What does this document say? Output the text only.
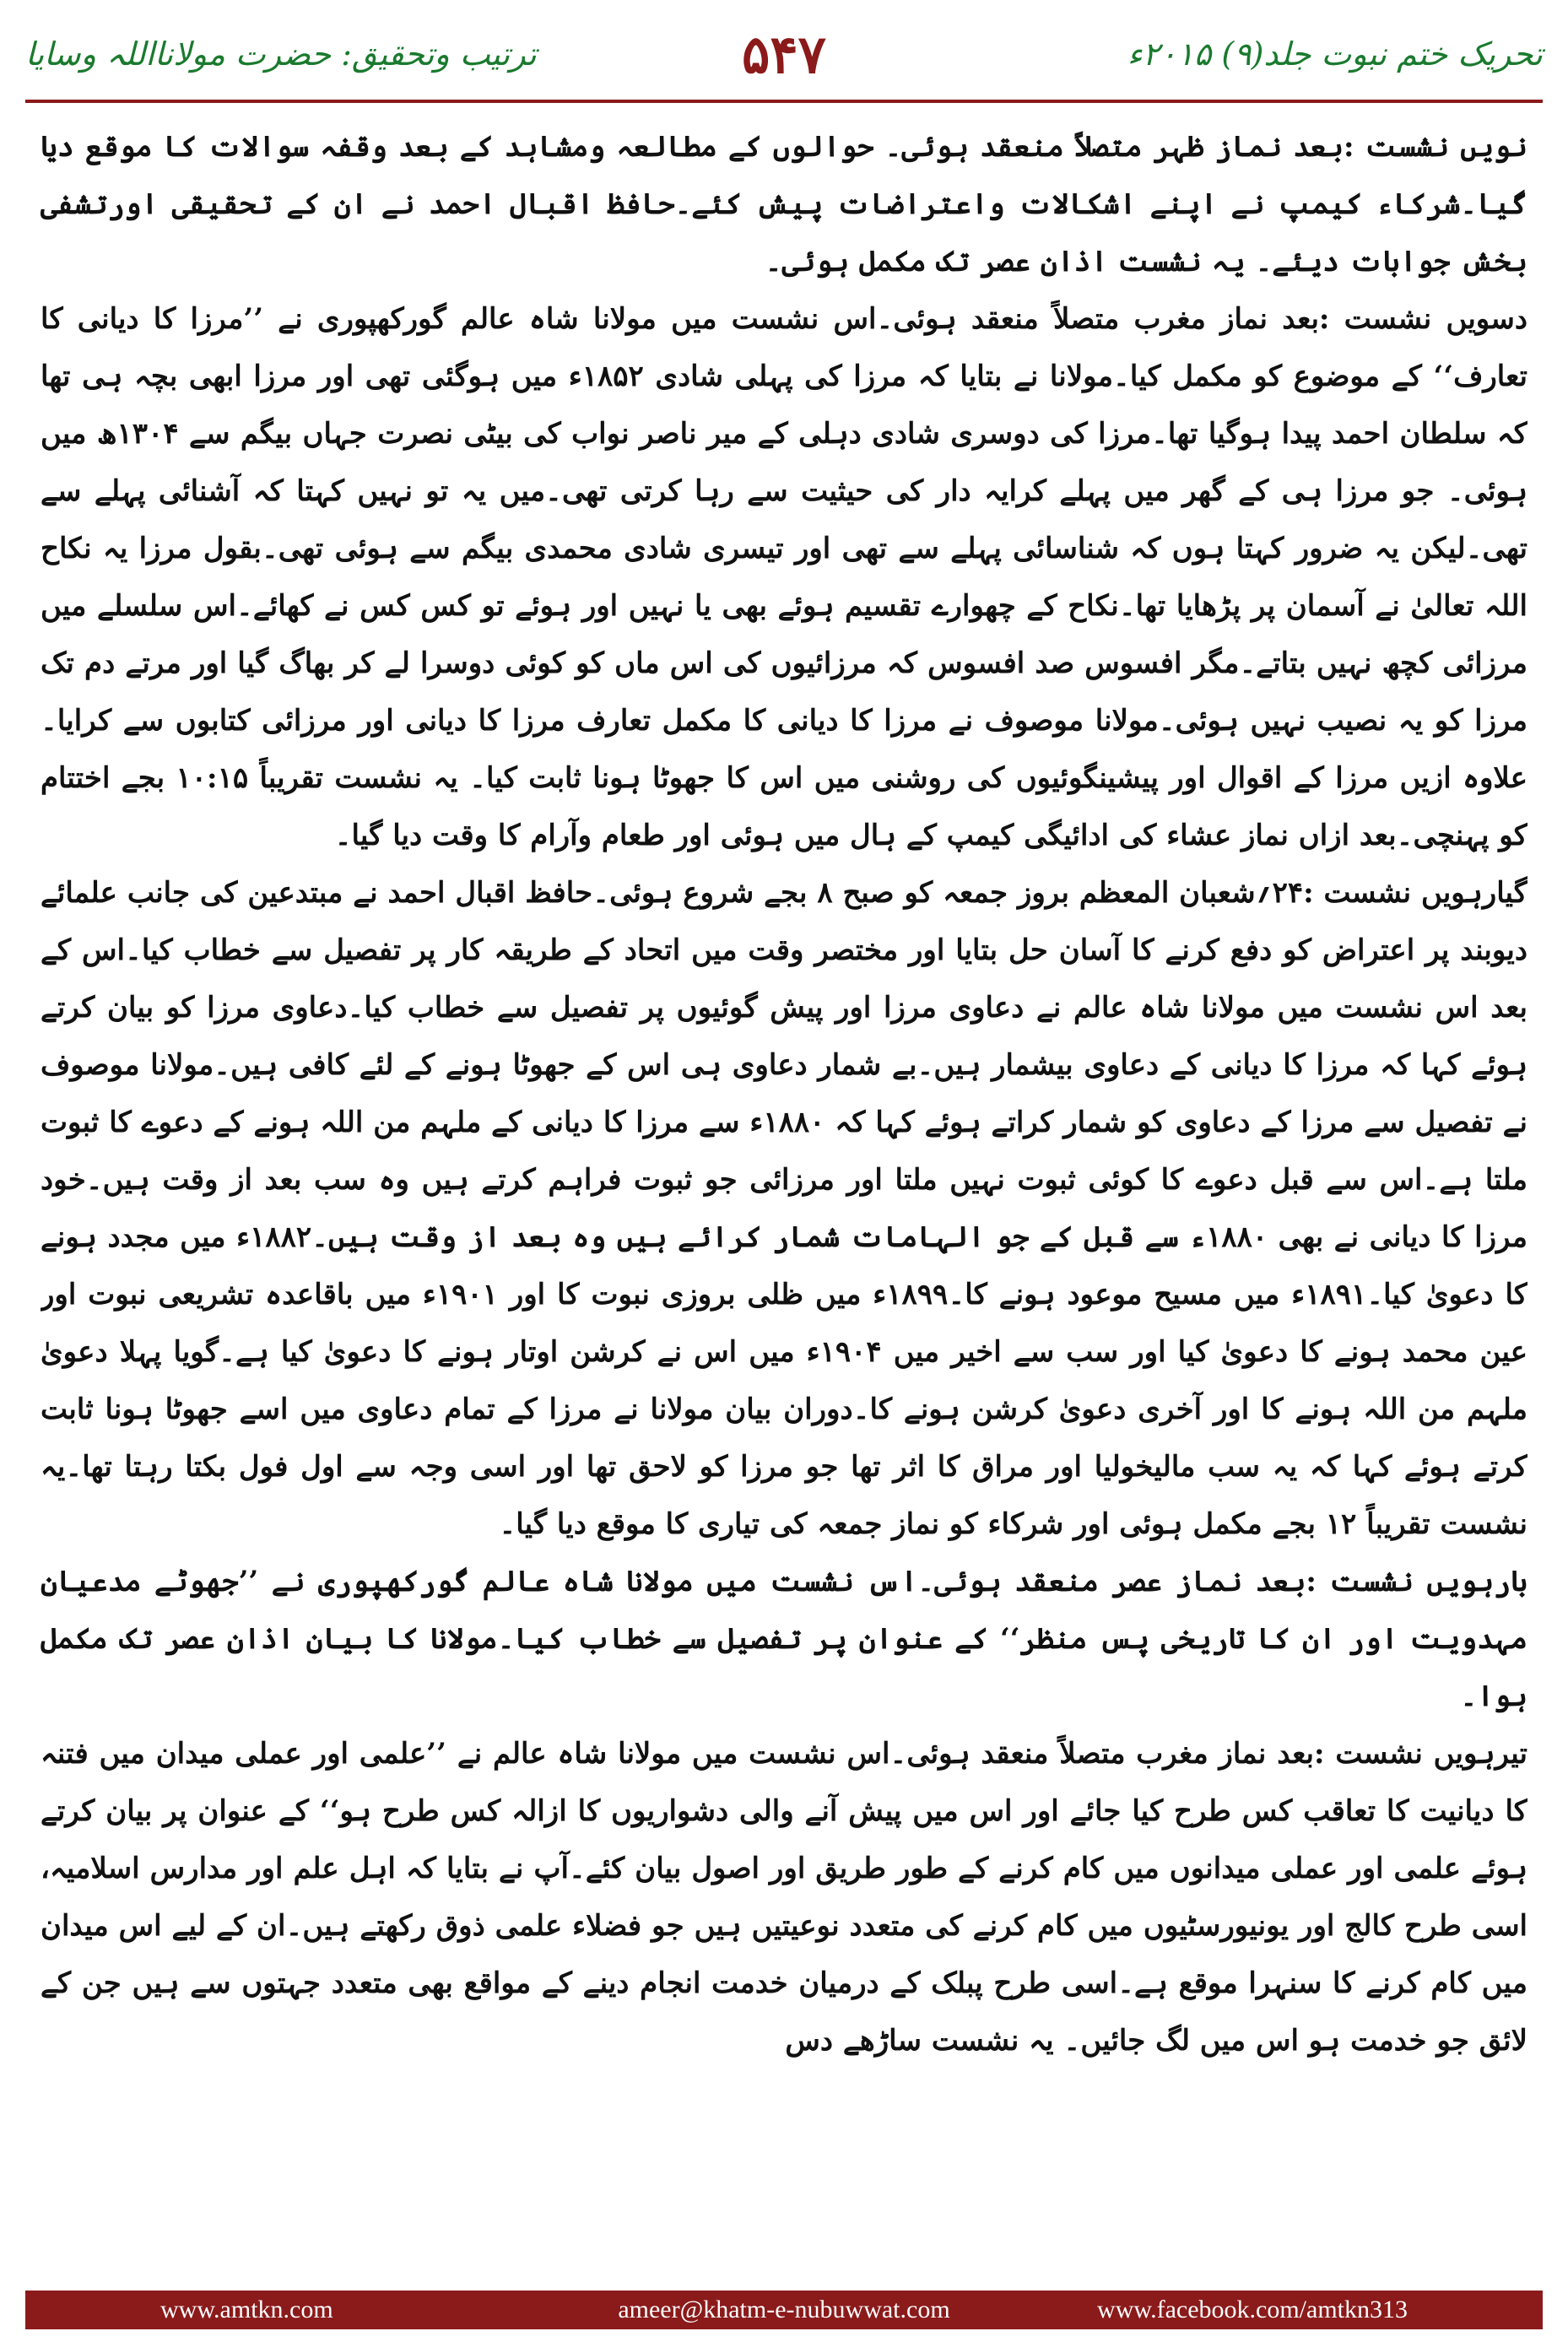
تحریک ختم نبوت جلد(۹) ۲۰۱۵ء
۵۴۷
ترتیب وتحقیق: حضرت مولانااللہ وسایا

نویں نشست :بعد نماز ظہر متصلاً منعقد ہوئی۔ حوالوں کے مطالعہ ومشاہد کے بعد وقفہ سوالات کا موقع دیا گیا۔شرکاء کیمپ نے اپنے اشکالات واعتراضات پیش کئے۔حافظ اقبال احمد نے ان کے تحقیقی اورتشفی بخش جوابات دیئے۔ یہ نشست اذان عصر تک مکمل ہوئی۔

دسویں نشست :بعد نماز مغرب متصلاً منعقد ہوئی۔اس نشست میں مولانا شاہ عالم گورکھپوری نے ’’مرزا کا دیانی کا تعارف‘‘ کے موضوع کو مکمل کیا۔مولانا نے بتایا کہ مرزا کی پہلی شادی ۱۸۵۲ء میں ہوگئی تھی اور مرزا ابھی بچہ ہی تھا کہ سلطان احمد پیدا ہوگیا تھا۔مرزا کی دوسری شادی دہلی کے میر ناصر نواب کی بیٹی نصرت جہاں بیگم سے ۱۳۰۴ھ میں ہوئی۔ جو مرزا ہی کے گھر میں پہلے کرایہ دار کی حیثیت سے رہا کرتی تھی۔میں یہ تو نہیں کہتا کہ آشنائی پہلے سے تھی۔لیکن یہ ضرور کہتا ہوں کہ شناسائی پہلے سے تھی اور تیسری شادی محمدی بیگم سے ہوئی تھی۔بقول مرزا یہ نکاح اللہ تعالیٰ نے آسمان پر پڑھایا تھا۔نکاح کے چھوارے تقسیم ہوئے بھی یا نہیں اور ہوئے تو کس کس نے کھائے۔اس سلسلے میں مرزائی کچھ نہیں بتاتے۔مگر افسوس صد افسوس کہ مرزائیوں کی اس ماں کو کوئی دوسرا لے کر بھاگ گیا اور مرتے دم تک مرزا کو یہ نصیب نہیں ہوئی۔مولانا موصوف نے مرزا کا دیانی کا مکمل تعارف مرزا کا دیانی اور مرزائی کتابوں سے کرایا۔علاوہ ازیں مرزا کے اقوال اور پیشینگوئیوں کی روشنی میں اس کا جھوٹا ہونا ثابت کیا۔ یہ نشست تقریباً ۱۰:۱۵ بجے اختتام کو پہنچی۔بعد ازاں نماز عشاء کی ادائیگی کیمپ کے ہال میں ہوئی اور طعام وآرام کا وقت دیا گیا۔

گیارہویں نشست :۲۴؍شعبان المعظم بروز جمعہ کو صبح ۸ بجے شروع ہوئی۔حافظ اقبال احمد نے مبتدعین کی جانب علمائے دیوبند پر اعتراض کو دفع کرنے کا آسان حل بتایا اور مختصر وقت میں اتحاد کے طریقہ کار پر تفصیل سے خطاب کیا۔اس کے بعد اس نشست میں مولانا شاہ عالم نے دعاوی مرزا اور پیش گوئیوں پر تفصیل سے خطاب کیا۔دعاوی مرزا کو بیان کرتے ہوئے کہا کہ مرزا کا دیانی کے دعاوی بیشمار ہیں۔بے شمار دعاوی ہی اس کے جھوٹا ہونے کے لئے کافی ہیں۔مولانا موصوف نے تفصیل سے مرزا کے دعاوی کو شمار کراتے ہوئے کہا کہ ۱۸۸۰ء سے مرزا کا دیانی کے ملہم من اللہ ہونے کے دعوے کا ثبوت ملتا ہے۔اس سے قبل دعوے کا کوئی ثبوت نہیں ملتا اور مرزائی جو ثبوت فراہم کرتے ہیں وہ سب بعد از وقت ہیں۔خود مرزا کا دیانی نے بھی ۱۸۸۰ء سے قبل کے جو الہامات شمار کرائے ہیں وہ بعد از وقت ہیں۔۱۸۸۲ء میں مجدد ہونے کا دعویٰ کیا۔۱۸۹۱ء میں مسیح موعود ہونے کا۔۱۸۹۹ء میں ظلی بروزی نبوت کا اور ۱۹۰۱ء میں باقاعدہ تشریعی نبوت اور عین محمد ہونے کا دعویٰ کیا اور سب سے اخیر میں ۱۹۰۴ء میں اس نے کرشن اوتار ہونے کا دعویٰ کیا ہے۔گویا پہلا دعویٰ ملہم من اللہ ہونے کا اور آخری دعویٰ کرشن ہونے کا۔دوران بیان مولانا نے مرزا کے تمام دعاوی میں اسے جھوٹا ہونا ثابت کرتے ہوئے کہا کہ یہ سب مالیخولیا اور مراق کا اثر تھا جو مرزا کو لاحق تھا اور اسی وجہ سے اول فول بکتا رہتا تھا۔یہ نشست تقریباً ۱۲ بجے مکمل ہوئی اور شرکاء کو نماز جمعہ کی تیاری کا موقع دیا گیا۔

بارہویں نشست :بعد نماز عصر منعقد ہوئی۔اس نشست میں مولانا شاہ عالم گورکھپوری نے ’’جھوٹے مدعیان مہدویت اور ان کا تاریخی پس منظر‘‘ کے عنوان پر تفصیل سے خطاب کیا۔مولانا کا بیان اذان عصر تک مکمل ہوا۔

تیرہویں نشست :بعد نماز مغرب متصلاً منعقد ہوئی۔اس نشست میں مولانا شاہ عالم نے ’’علمی اور عملی میدان میں فتنہ کا دیانیت کا تعاقب کس طرح کیا جائے اور اس میں پیش آنے والی دشواریوں کا ازالہ کس طرح ہو‘‘ کے عنوان پر بیان کرتے ہوئے علمی اور عملی میدانوں میں کام کرنے کے طور طریق اور اصول بیان کئے۔آپ نے بتایا کہ اہل علم اور مدارس اسلامیہ، اسی طرح کالج اور یونیورسٹیوں میں کام کرنے کی متعدد نوعیتیں ہیں جو فضلاء علمی ذوق رکھتے ہیں۔ان کے لیے اس میدان میں کام کرنے کا سنہرا موقع ہے۔اسی طرح پبلک کے درمیان خدمت انجام دینے کے مواقع بھی متعدد جہتوں سے ہیں جن کے لائق جو خدمت ہو اس میں لگ جائیں۔ یہ نشست ساڑھے دس

www.amtkn.com	ameer@khatm-e-nubuwwat.com	www.facebook.com/amtkn313
